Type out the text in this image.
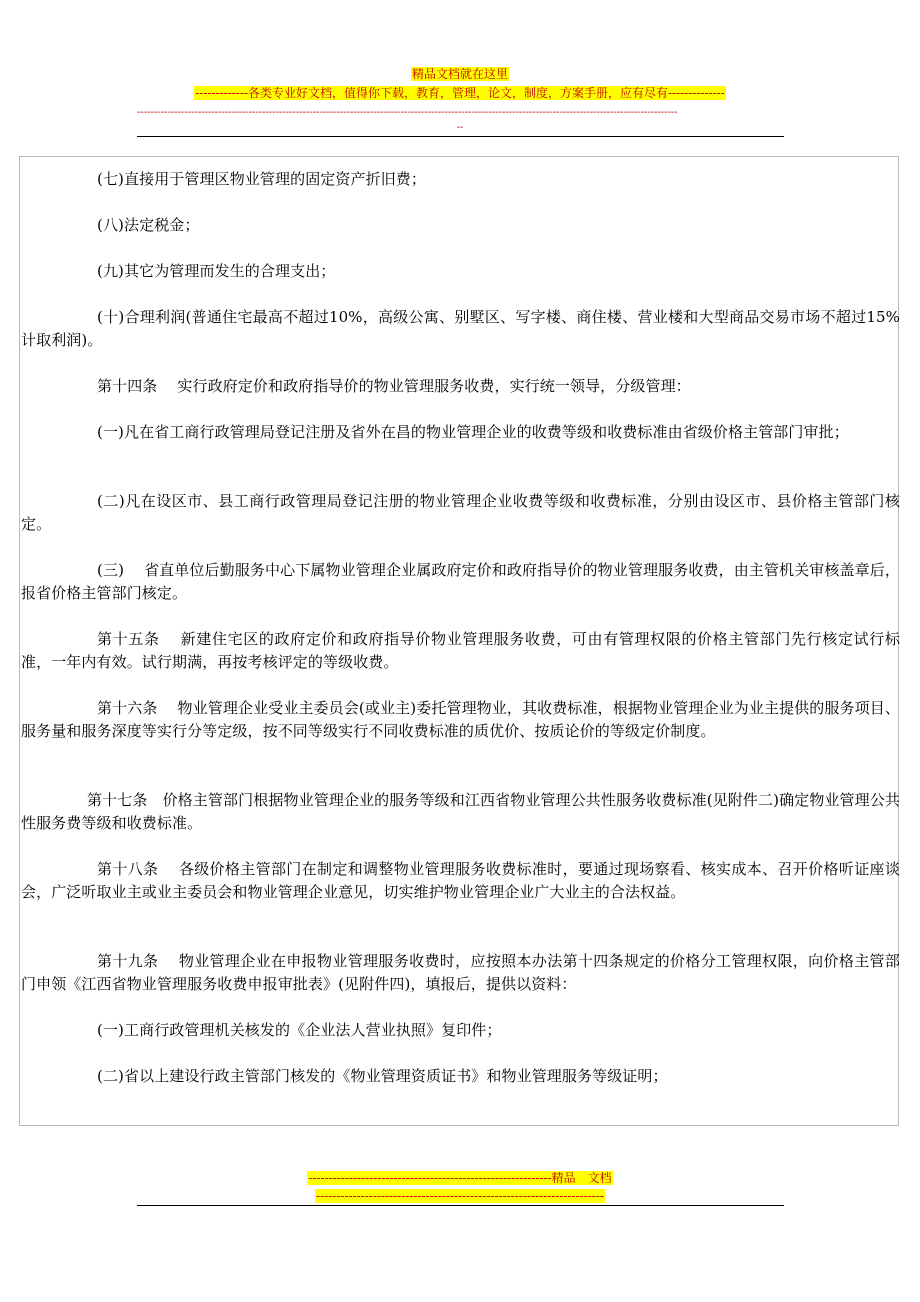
精品文档就在这里
-------------各类专业好文档，值得你下载，教育，管理，论文，制度，方案手册，应有尽有--------------
----------------------------------------------------------------------------------------------------------------------------------------------------------------
--
(七)直接用于管理区物业管理的固定资产折旧费；
(八)法定税金；
(九)其它为管理而发生的合理支出；
(十)合理利润(普通住宅最高不超过10%，高级公寓、别墅区、写字楼、商住楼、营业楼和大型商品交易市场不超过15%计取利润)。
第十四条　 实行政府定价和政府指导价的物业管理服务收费，实行统一领导，分级管理：
(一)凡在省工商行政管理局登记注册及省外在昌的物业管理企业的收费等级和收费标准由省级价格主管部门审批；
(二)凡在设区市、县工商行政管理局登记注册的物业管理企业收费等级和收费标准，分别由设区市、县价格主管部门核定。
(三)　 省直单位后勤服务中心下属物业管理企业属政府定价和政府指导价的物业管理服务收费，由主管机关审核盖章后，报省价格主管部门核定。
第十五条　 新建住宅区的政府定价和政府指导价物业管理服务收费，可由有管理权限的价格主管部门先行核定试行标准，一年内有效。试行期满，再按考核评定的等级收费。
第十六条　 物业管理企业受业主委员会(或业主)委托管理物业，其收费标准，根据物业管理企业为业主提供的服务项目、服务量和服务深度等实行分等定级，按不同等级实行不同收费标准的质优价、按质论价的等级定价制度。
第十七条　价格主管部门根据物业管理企业的服务等级和江西省物业管理公共性服务收费标准(见附件二)确定物业管理公共性服务费等级和收费标准。
第十八条　 各级价格主管部门在制定和调整物业管理服务收费标准时，要通过现场察看、核实成本、召开价格听证座谈会，广泛听取业主或业主委员会和物业管理企业意见，切实维护物业管理企业广大业主的合法权益。
第十九条　 物业管理企业在申报物业管理服务收费时，应按照本办法第十四条规定的价格分工管理权限，向价格主管部门申领《江西省物业管理服务收费申报审批表》(见附件四)，填报后，提供以资料：
(一)工商行政管理机关核发的《企业法人营业执照》复印件；
(二)省以上建设行政主管部门核发的《物业管理资质证书》和物业管理服务等级证明；
------------------------------------------------------------精品　文档
-----------------------------------------------------------------------
